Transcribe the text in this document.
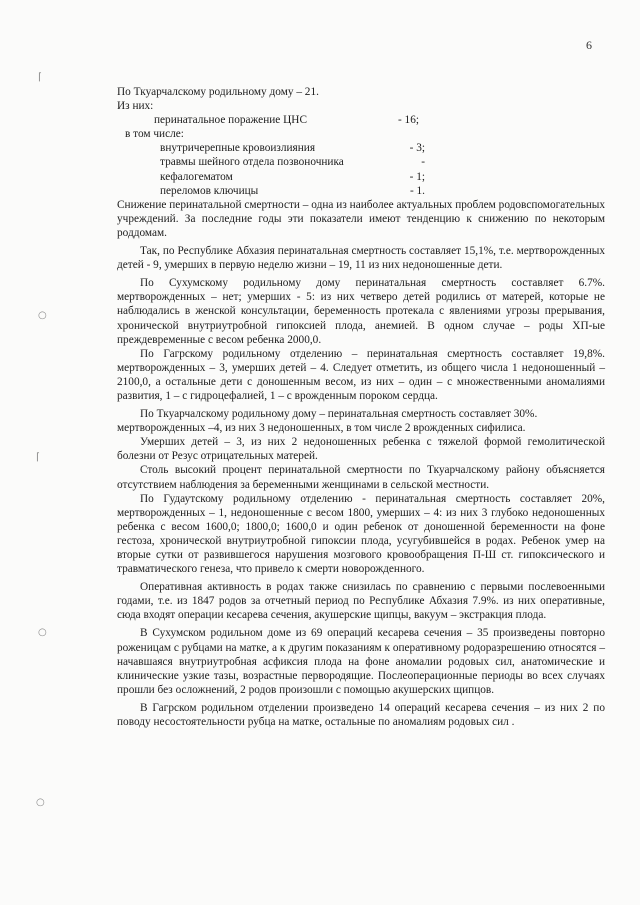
6
⌈
○
⌈
○
○
По Ткуарчалскому родильному дому – 21.
Из них:
перинатальное поражение ЦНС	- 16;
в том числе:
внутричерепные кровоизлияния	- 3;
травмы шейного отдела позвоночника	-
кефалогематом	- 1;
переломов ключицы	- 1.
Снижение перинатальной смертности – одна из наиболее актуальных проблем родовспомогательных учреждений. За последние годы эти показатели имеют тенденцию к снижению по некоторым роддомам.
Так, по Республике Абхазия перинатальная смертность составляет 15,1%, т.е. мертворожденных детей - 9, умерших в первую неделю жизни – 19, 11 из них недоношенные дети.
По Сухумскому родильному дому перинатальная смертность составляет 6.7%. мертворожденных – нет; умерших - 5: из них четверо детей родились от матерей, которые не наблюдались в женской консультации, беременность протекала с явлениями угрозы прерывания, хронической внутриутробной гипоксией плода, анемией. В одном случае – роды ХП-ые преждевременные с весом ребенка 2000,0.
По Гагрскому родильному отделению – перинатальная смертность составляет 19,8%. мертворожденных – 3, умерших детей – 4. Следует отметить, из общего числа 1 недоношенный – 2100,0, а остальные дети с доношенным весом, из них – один – с множественными аномалиями развития, 1 – с гидроцефалией, 1 – с врожденным пороком сердца.
По Ткуарчалскому родильному дому – перинатальная смертность составляет 30%.
мертворожденных –4, из них 3 недоношенных, в том числе 2 врожденных сифилиса.
Умерших детей – 3, из них 2 недоношенных ребенка с тяжелой формой гемолитической болезни от Резус отрицательных матерей.
Столь высокий процент перинатальной смертности по Ткуарчалскому району объясняется отсутствием наблюдения за беременными женщинами в сельской местности.
По Гудаутскому родильному отделению - перинатальная смертность составляет 20%, мертворожденных – 1, недоношенные с весом 1800, умерших – 4: из них 3 глубоко недоношенных ребенка с весом 1600,0; 1800,0; 1600,0 и один ребенок от доношенной беременности на фоне гестоза, хронической внутриутробной гипоксии плода, усугубившейся в родах. Ребенок умер на вторые сутки от развившегося нарушения мозгового кровообращения П-Ш ст. гипоксического и травматического генеза, что привело к смерти новорожденного.
Оперативная активность в родах также снизилась по сравнению с первыми послевоенными годами, т.е. из 1847 родов за отчетный период по Республике Абхазия 7.9%. из них оперативные, сюда входят операции кесарева сечения, акушерские щипцы, вакуум – экстракция плода.
В Сухумском родильном доме из 69 операций кесарева сечения – 35 произведены повторно роженицам с рубцами на матке, а к другим показаниям к оперативному родоразрешению относятся – начавшаяся внутриутробная асфиксия плода на фоне аномалии родовых сил, анатомические и клинические узкие тазы, возрастные первородящие. Послеоперационные периоды во всех случаях прошли без осложнений, 2 родов произошли с помощью акушерских щипцов.
В Гагрском родильном отделении произведено 14 операций кесарева сечения – из них 2 по поводу несостоятельности рубца на матке, остальные по аномалиям родовых сил .
